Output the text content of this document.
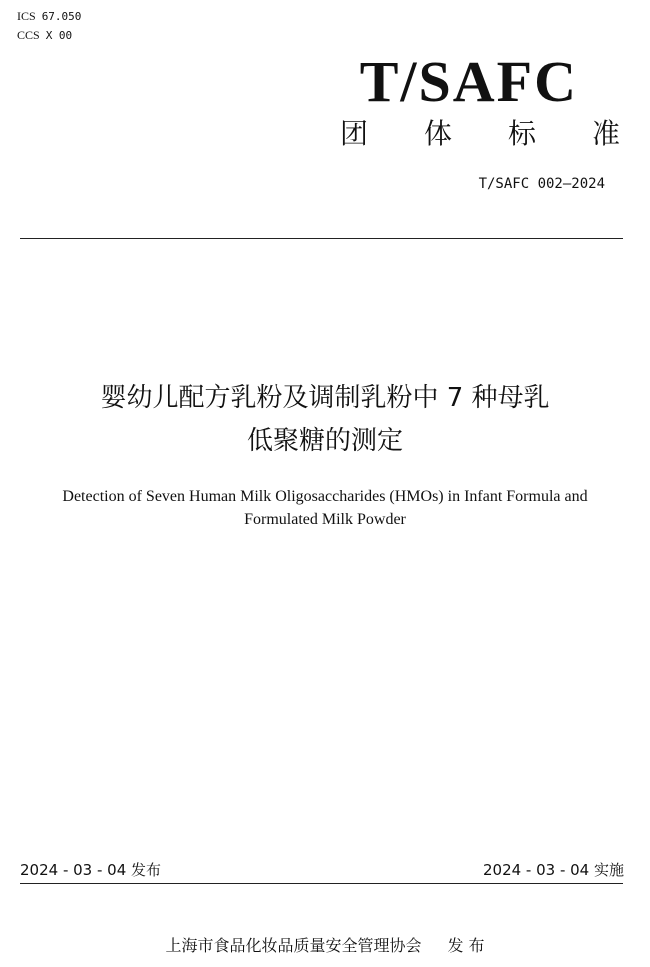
ICS 67.050
CCS X 00
T/SAFC
团 体 标 准
T/SAFC 002—2024
婴幼儿配方乳粉及调制乳粉中 7 种母乳
低聚糖的测定
Detection of Seven Human Milk Oligosaccharides (HMOs) in Infant Formula and
Formulated Milk Powder
2024 - 03 - 04 发布	2024 - 03 - 04 实施
上海市食品化妆品质量安全管理协会 发 布
